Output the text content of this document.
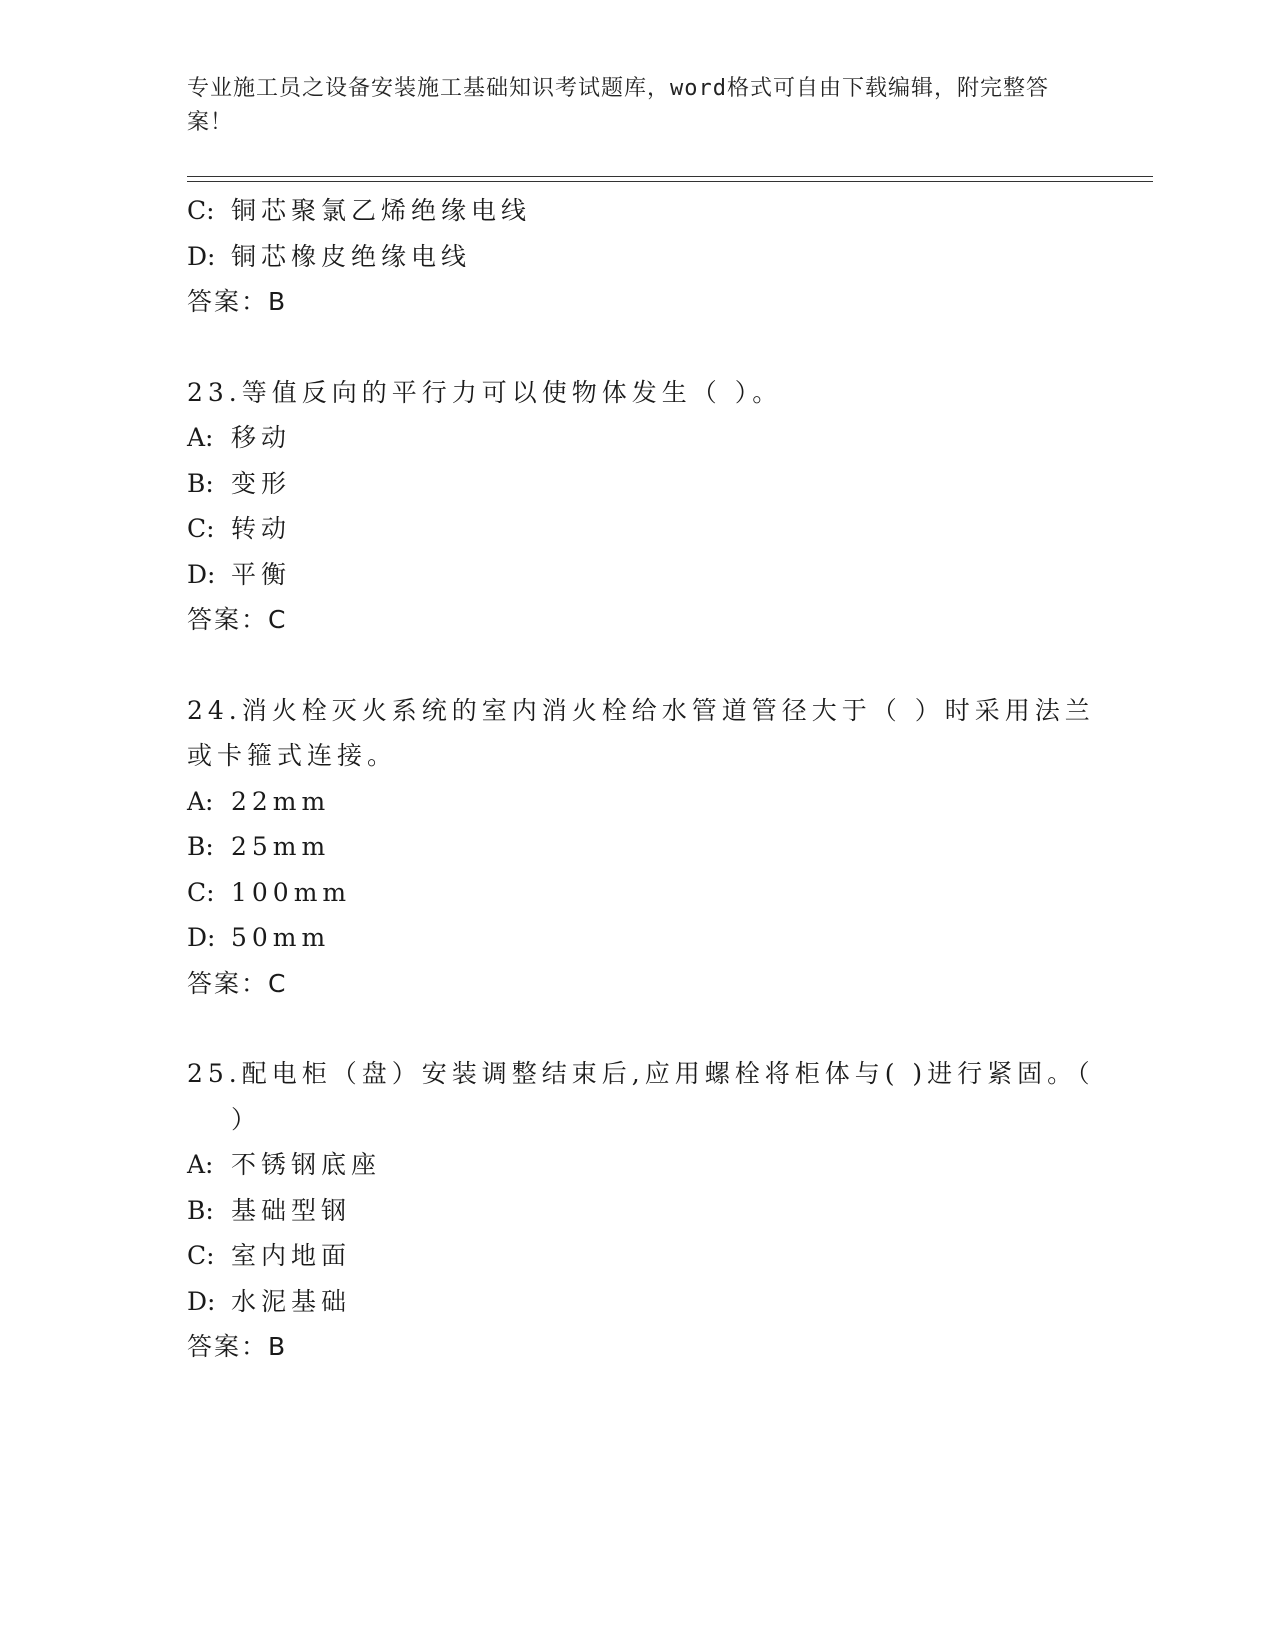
专业施工员之设备安装施工基础知识考试题库，word格式可自由下载编辑，附完整答案！
C: 铜芯聚氯乙烯绝缘电线
D: 铜芯橡皮绝缘电线
答案：B
23.等值反向的平行力可以使物体发生（ ）。
A: 移动
B: 变形
C: 转动
D: 平衡
答案：C
24.消火栓灭火系统的室内消火栓给水管道管径大于（ ）时采用法兰
或卡箍式连接。
A: 22mm
B: 25mm
C: 100mm
D: 50mm
答案：C
25.配电柜（盘）安装调整结束后,应用螺栓将柜体与( )进行紧固。（
）
A: 不锈钢底座
B: 基础型钢
C: 室内地面
D: 水泥基础
答案：B
